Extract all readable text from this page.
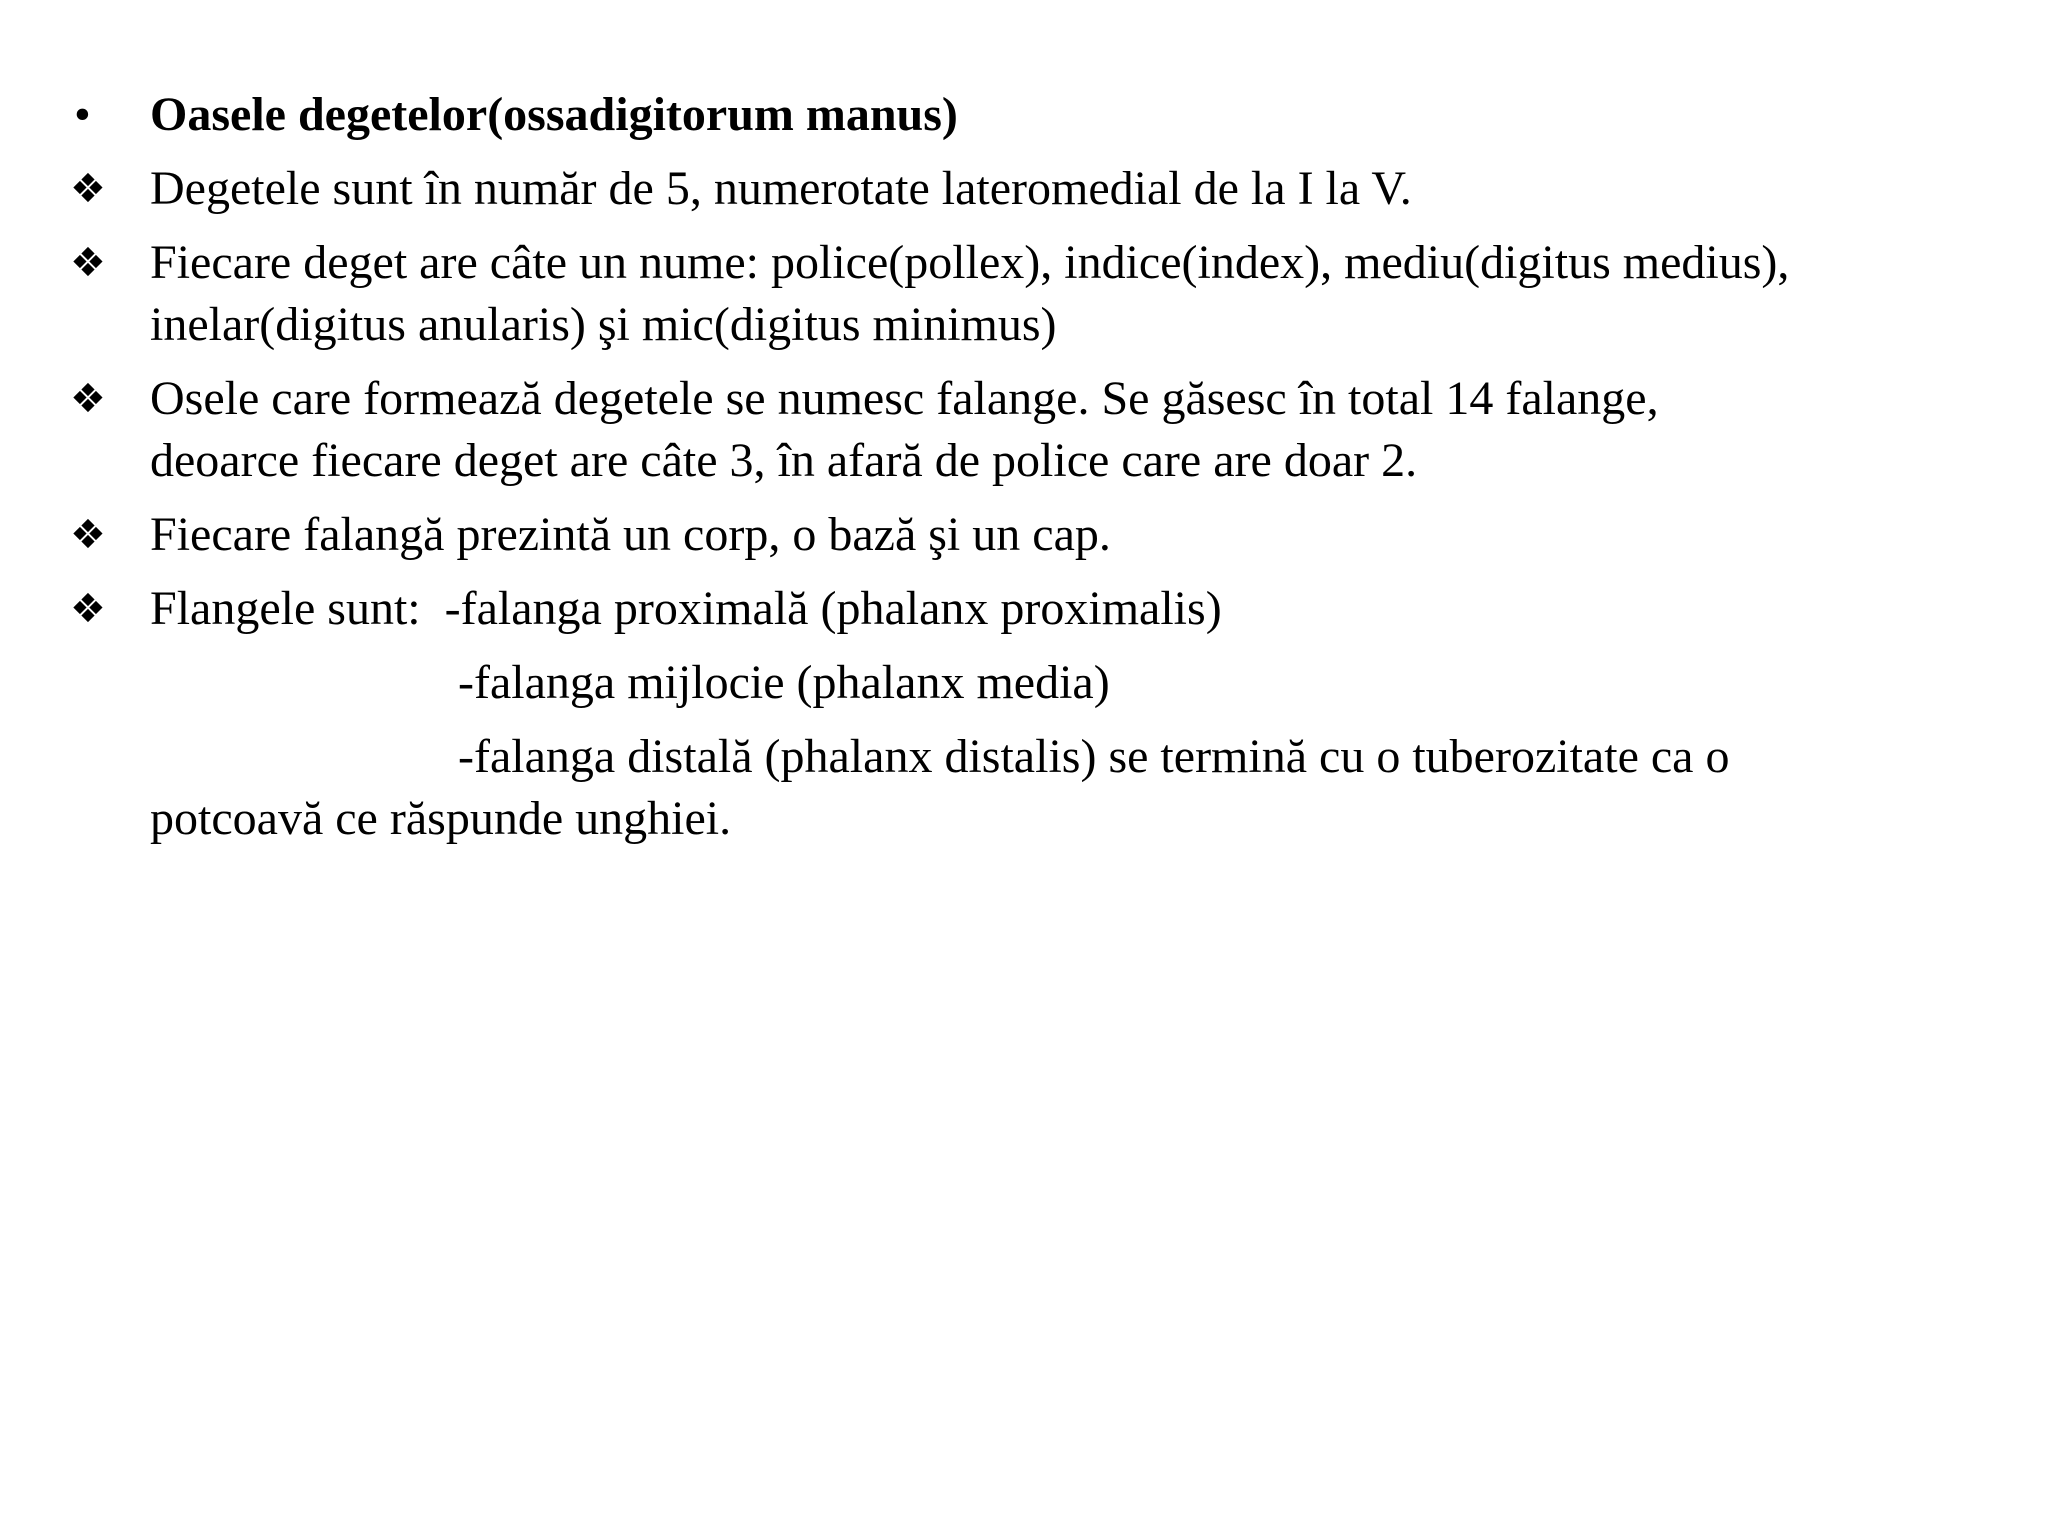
•	Oasele degetelor(ossadigitorum manus)
❖ Degetele sunt în număr de 5, numerotate lateromedial de la I la V.
❖ Fiecare deget are câte un nume: police(pollex), indice(index), mediu(digitus medius),
inelar(digitus anularis) şi mic(digitus minimus)
❖ Osele care formează degetele se numesc falange. Se găsesc în total 14 falange,
deoarce fiecare deget are câte 3, în afară de police care are doar 2.
❖ Fiecare falangă prezintă un corp, o bază şi un cap.
❖ Flangele sunt:  -falanga proximală (phalanx proximalis)
-falanga mijlocie (phalanx media)
-falanga distală (phalanx distalis) se termină cu o tuberozitate ca o
potcoavă ce răspunde unghiei.
